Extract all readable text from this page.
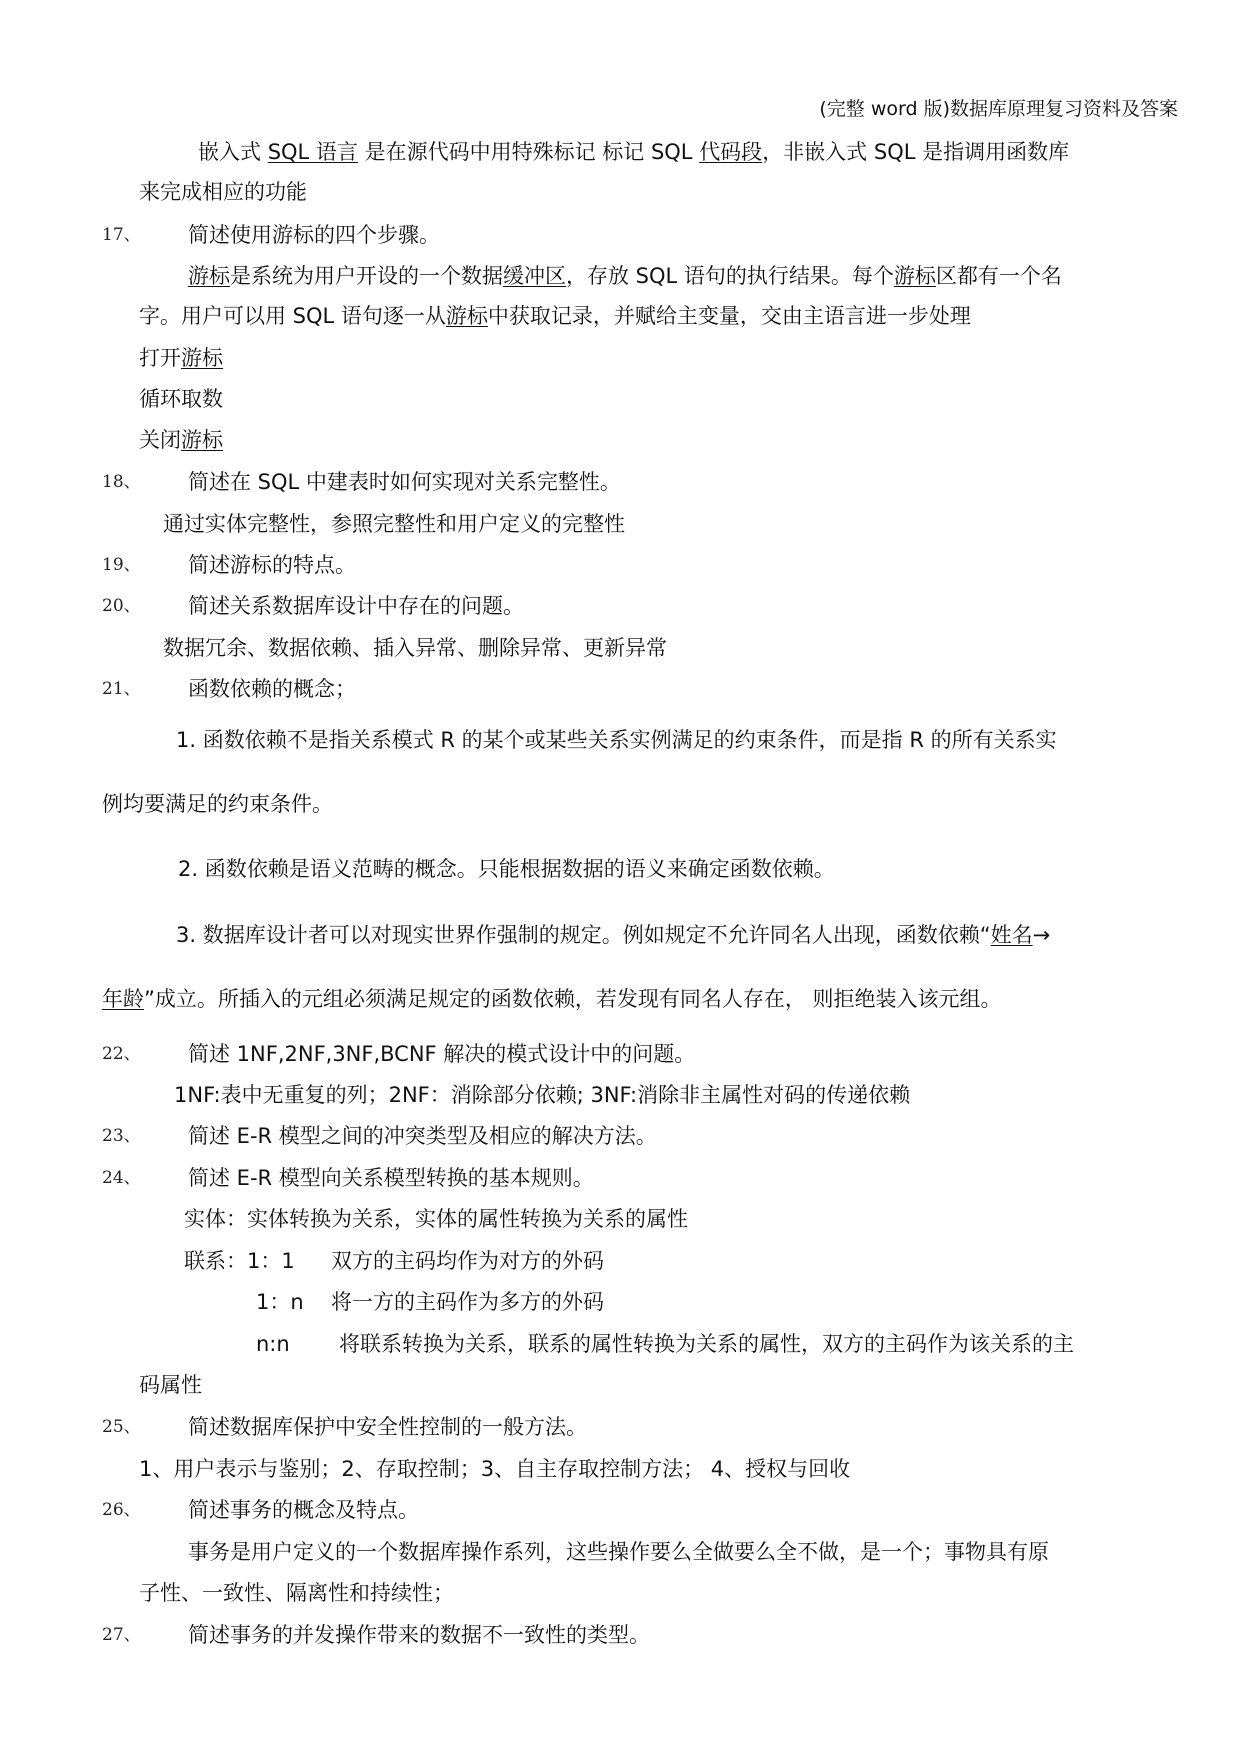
(完整 word 版)数据库原理复习资料及答案
嵌入式 SQL 语言 是在源代码中用特殊标记 标记 SQL 代码段，非嵌入式 SQL 是指调用函数库
来完成相应的功能
17、 简述使用游标的四个步骤。
游标是系统为用户开设的一个数据缓冲区，存放 SQL 语句的执行结果。每个游标区都有一个名
字。用户可以用 SQL 语句逐一从游标中获取记录，并赋给主变量，交由主语言进一步处理
打开游标
循环取数
关闭游标
18、 简述在 SQL 中建表时如何实现对关系完整性。
通过实体完整性，参照完整性和用户定义的完整性
19、 简述游标的特点。
20、 简述关系数据库设计中存在的问题。
数据冗余、数据依赖、插入异常、删除异常、更新异常
21、 函数依赖的概念；
1. 函数依赖不是指关系模式 R 的某个或某些关系实例满足的约束条件，而是指 R 的所有关系实
例均要满足的约束条件。
2. 函数依赖是语义范畴的概念。只能根据数据的语义来确定函数依赖。
3. 数据库设计者可以对现实世界作强制的规定。例如规定不允许同名人出现，函数依赖“姓名→
年龄”成立。所插入的元组必须满足规定的函数依赖，若发现有同名人存在， 则拒绝装入该元组。
22、 简述 1NF,2NF,3NF,BCNF 解决的模式设计中的问题。
1NF:表中无重复的列；2NF：消除部分依赖; 3NF:消除非主属性对码的传递依赖
23、 简述 E-R 模型之间的冲突类型及相应的解决方法。
24、 简述 E-R 模型向关系模型转换的基本规则。
实体：实体转换为关系，实体的属性转换为关系的属性
联系：1：1 双方的主码均作为对方的外码
1：n 将一方的主码作为多方的外码
n:n 将联系转换为关系，联系的属性转换为关系的属性，双方的主码作为该关系的主
码属性
25、 简述数据库保护中安全性控制的一般方法。
1、用户表示与鉴别；2、存取控制；3、自主存取控制方法； 4、授权与回收
26、 简述事务的概念及特点。
事务是用户定义的一个数据库操作系列，这些操作要么全做要么全不做，是一个；事物具有原
子性、一致性、隔离性和持续性；
27、 简述事务的并发操作带来的数据不一致性的类型。
